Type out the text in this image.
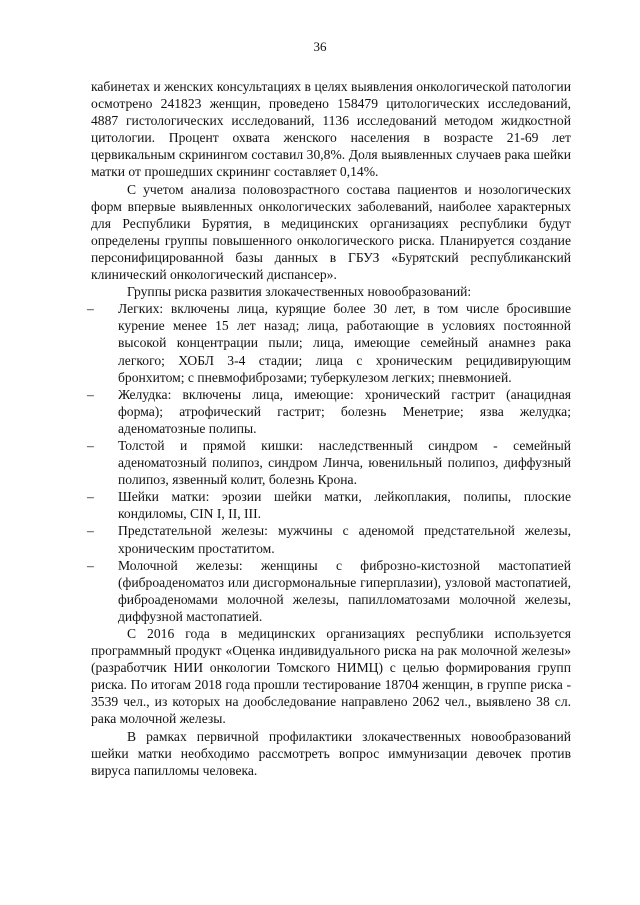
36

кабинетах и женских консультациях в целях выявления онкологической патологии осмотрено 241823 женщин, проведено 158479 цитологических исследований, 4887 гистологических исследований, 1136 исследований методом жидкостной цитологии. Процент охвата женского населения в возрасте 21-69 лет цервикальным скринингом составил 30,8%. Доля выявленных случаев рака шейки матки от прошедших скрининг составляет 0,14%.

С учетом анализа половозрастного состава пациентов и нозологических форм впервые выявленных онкологических заболеваний, наиболее характерных для Республики Бурятия, в медицинских организациях республики будут определены группы повышенного онкологического риска. Планируется создание персонифицированной базы данных в ГБУЗ «Бурятский республиканский клинический онкологический диспансер».

Группы риска развития злокачественных новообразований:

– Легких: включены лица, курящие более 30 лет, в том числе бросившие курение менее 15 лет назад; лица, работающие в условиях постоянной высокой концентрации пыли; лица, имеющие семейный анамнез рака легкого; ХОБЛ 3-4 стадии; лица с хроническим рецидивирующим бронхитом; с пневмофиброзами; туберкулезом легких; пневмонией.
– Желудка: включены лица, имеющие: хронический гастрит (анацидная форма); атрофический гастрит; болезнь Менетрие; язва желудка; аденоматозные полипы.
– Толстой и прямой кишки: наследственный синдром - семейный аденоматозный полипоз, синдром Линча, ювенильный полипоз, диффузный полипоз, язвенный колит, болезнь Крона.
– Шейки матки: эрозии шейки матки, лейкоплакия, полипы, плоские кондиломы, CIN I, II, III.
– Предстательной железы: мужчины с аденомой предстательной железы, хроническим простатитом.
– Молочной железы: женщины с фиброзно-кистозной мастопатией (фиброаденоматоз или дисгормональные гиперплазии), узловой мастопатией, фиброаденомами молочной железы, папилломатозами молочной железы, диффузной мастопатией.

С 2016 года в медицинских организациях республики используется программный продукт «Оценка индивидуального риска на рак молочной железы» (разработчик НИИ онкологии Томского НИМЦ) с целью формирования групп риска. По итогам 2018 года прошли тестирование 18704 женщин, в группе риска - 3539 чел., из которых на дообследование направлено 2062 чел., выявлено 38 сл. рака молочной железы.

В рамках первичной профилактики злокачественных новообразований шейки матки необходимо рассмотреть вопрос иммунизации девочек против вируса папилломы человека.
